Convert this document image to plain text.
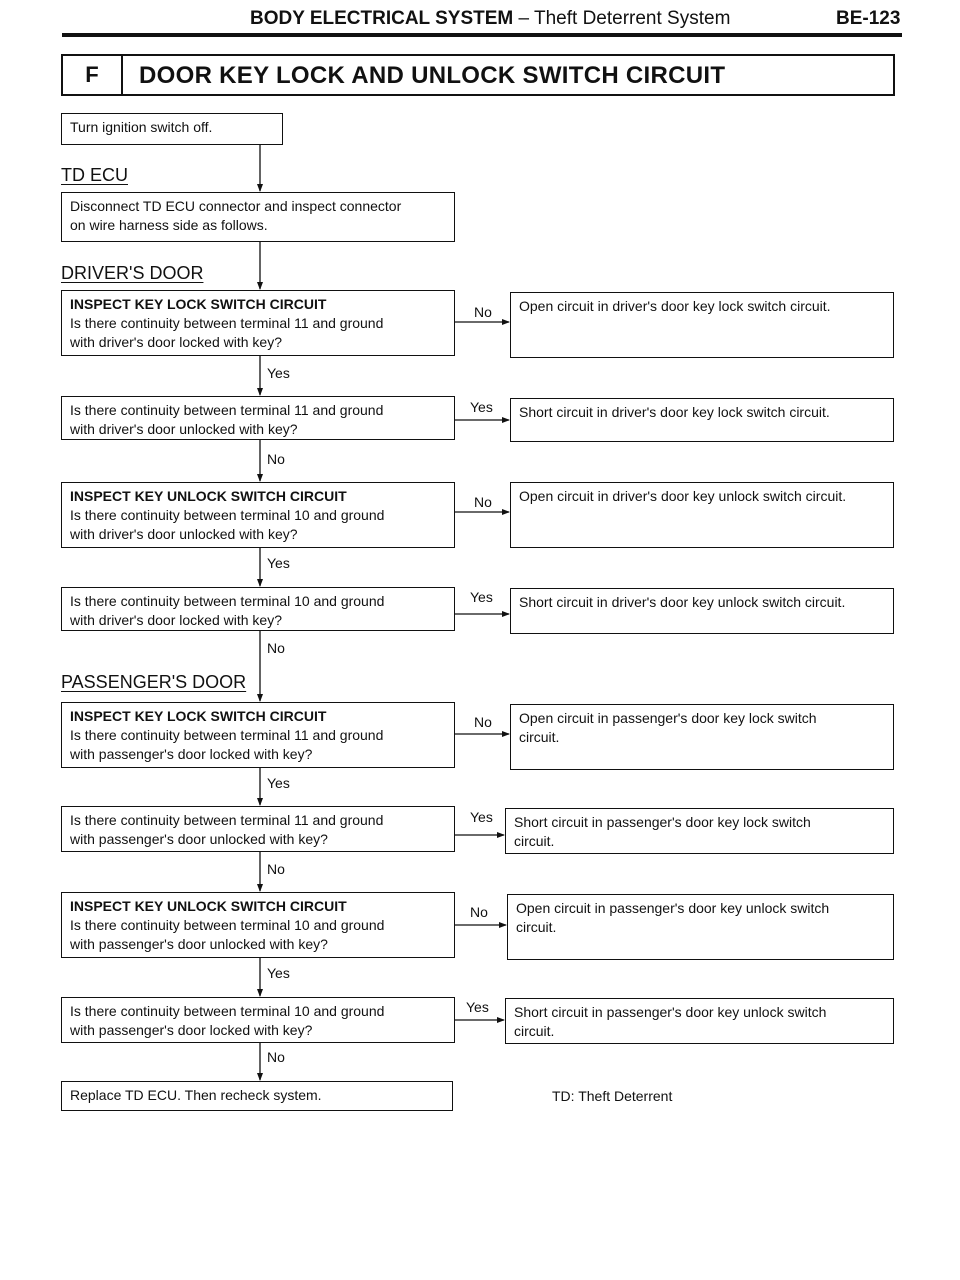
BODY ELECTRICAL SYSTEM – Theft Deterrent System	BE-123
F	DOOR KEY LOCK AND UNLOCK SWITCH CIRCUIT
Turn ignition switch off.
TD ECU
Disconnect TD ECU connector and inspect connector
on wire harness side as follows.
DRIVER'S DOOR
PASSENGER'S DOOR
INSPECT KEY LOCK SWITCH CIRCUIT
Is there continuity between terminal 11 and ground
with driver's door locked with key?
No Open circuit in driver's door key lock switch circuit.
Yes
Is there continuity between terminal 11 and ground
with driver's door unlocked with key?
Yes Short circuit in driver's door key lock switch circuit.
No
INSPECT KEY UNLOCK SWITCH CIRCUIT
Is there continuity between terminal 10 and ground
with driver's door unlocked with key?
No Open circuit in driver's door key unlock switch circuit.
Yes
Is there continuity between terminal 10 and ground
with driver's door locked with key?
Yes Short circuit in driver's door key unlock switch circuit.
No
INSPECT KEY LOCK SWITCH CIRCUIT
Is there continuity between terminal 11 and ground
with passenger's door locked with key?
No Open circuit in passenger's door key lock switch
circuit.
Yes
Is there continuity between terminal 11 and ground
with passenger's door unlocked with key?
Yes Short circuit in passenger's door key lock switch
circuit.
No
INSPECT KEY UNLOCK SWITCH CIRCUIT
Is there continuity between terminal 10 and ground
with passenger's door unlocked with key?
No Open circuit in passenger's door key unlock switch
circuit.
Yes
Is there continuity between terminal 10 and ground
with passenger's door locked with key?
Yes Short circuit in passenger's door key unlock switch
circuit.
No
Replace TD ECU. Then recheck system.	TD: Theft Deterrent
